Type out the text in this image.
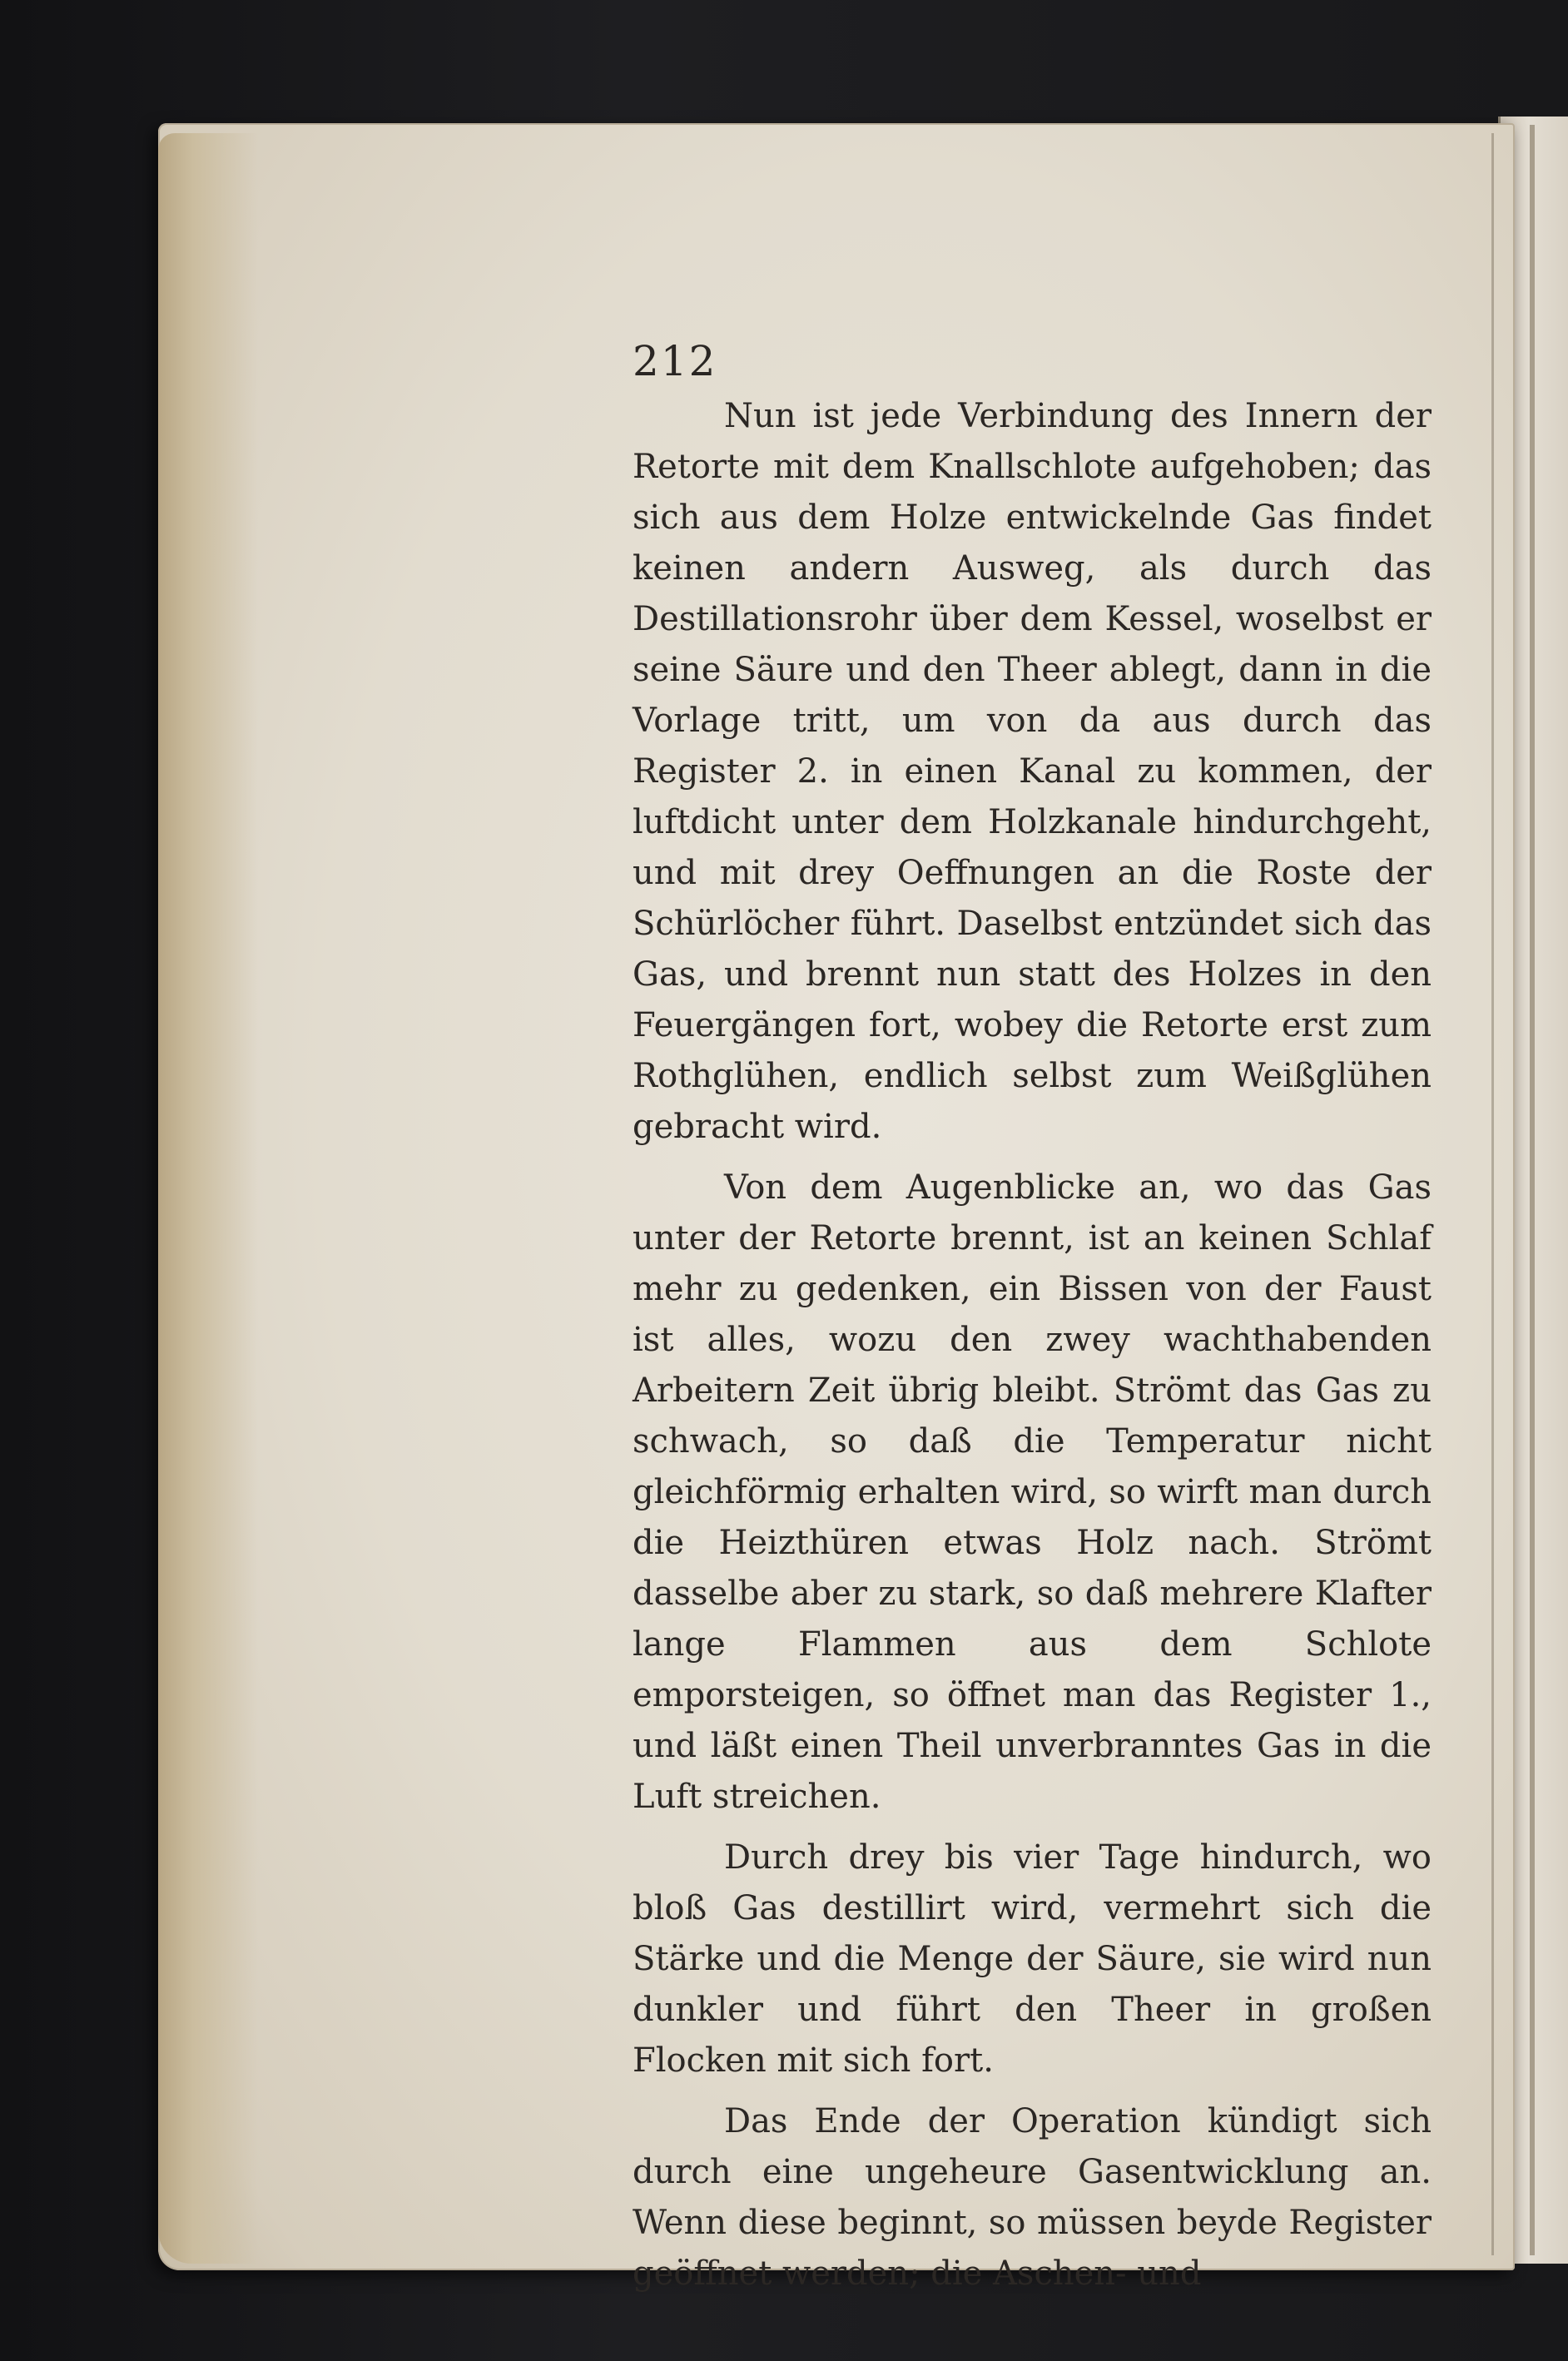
212

Nun ist jede Verbindung des Innern der Retorte mit dem Knallschlote aufgehoben; das sich aus dem Holze entwickelnde Gas findet keinen andern Ausweg, als durch das Destillationsrohr über dem Kessel, woselbst er seine Säure und den Theer ablegt, dann in die Vorlage tritt, um von da aus durch das Register 2. in einen Kanal zu kommen, der luftdicht unter dem Holzkanale hindurchgeht, und mit drey Oeffnungen an die Roste der Schürlöcher führt. Daselbst entzündet sich das Gas, und brennt nun statt des Holzes in den Feuergängen fort, wobey die Retorte erst zum Rothglühen, endlich selbst zum Weißglühen gebracht wird.

Von dem Augenblicke an, wo das Gas unter der Retorte brennt, ist an keinen Schlaf mehr zu gedenken, ein Bissen von der Faust ist alles, wozu den zwey wachthabenden Arbeitern Zeit übrig bleibt. Strömt das Gas zu schwach, so daß die Temperatur nicht gleichförmig erhalten wird, so wirft man durch die Heizthüren etwas Holz nach. Strömt dasselbe aber zu stark, so daß mehrere Klafter lange Flammen aus dem Schlote emporsteigen, so öffnet man das Register 1., und läßt einen Theil unverbranntes Gas in die Luft streichen.

Durch drey bis vier Tage hindurch, wo bloß Gas destillirt wird, vermehrt sich die Stärke und die Menge der Säure, sie wird nun dunkler und führt den Theer in großen Flocken mit sich fort.

Das Ende der Operation kündigt sich durch eine ungeheure Gasentwicklung an. Wenn diese beginnt, so müssen beyde Register geöffnet werden; die Aschen- und
